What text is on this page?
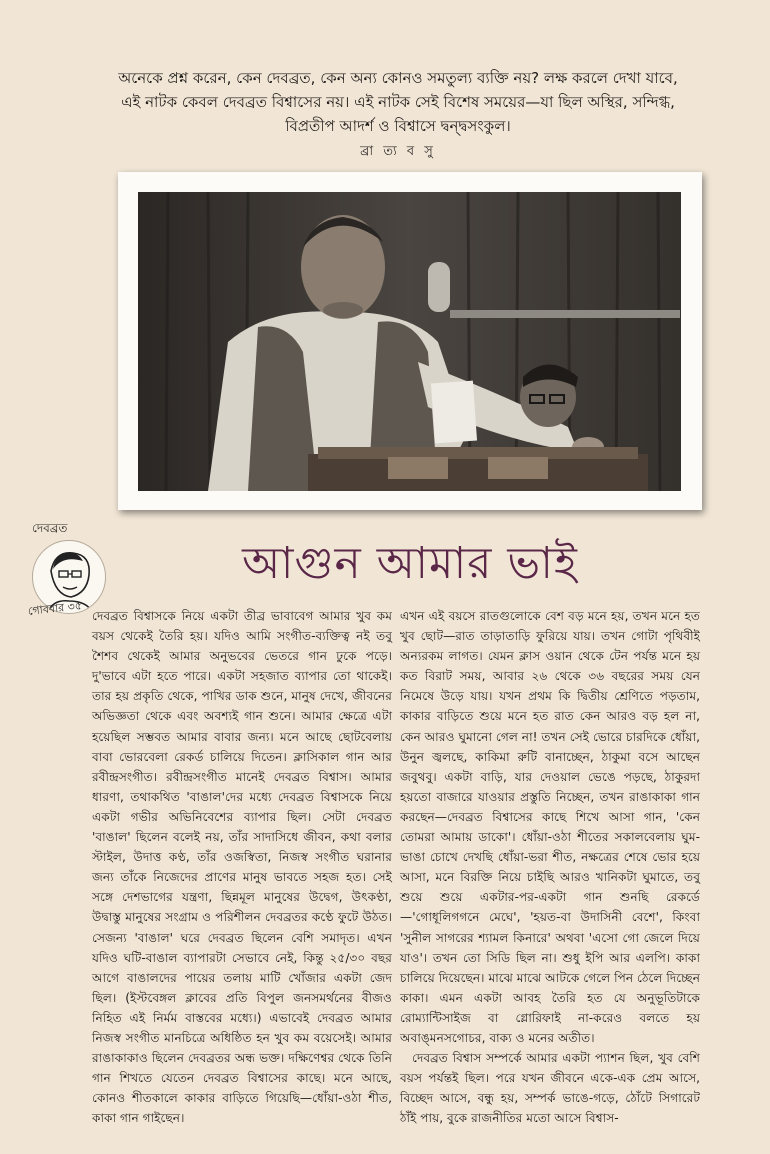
অনেকে প্রশ্ন করেন, কেন দেবব্রত, কেন অন্য কোনও সমতুল্য ব্যক্তি নয়? লক্ষ করলে দেখা যাবে, এই নাটক কেবল দেবব্রত বিশ্বাসের নয়। এই নাটক সেই বিশেষ সময়ের—যা ছিল অস্থির, সন্দিগ্ধ, বিপ্রতীপ আদর্শ ও বিশ্বাসে দ্বন্দ্বসংকুল।
ব্রা ত্য ব সু
দেবব্রত
গোববার ৩৫
আগুন আমার ভাই

দেবব্রত বিশ্বাসকে নিয়ে একটা তীব্র ভাবাবেগ আমার খুব কম বয়স থেকেই তৈরি হয়। যদিও আমি সংগীত-ব্যক্তিত্ব নই তবু শৈশব থেকেই আমার অনুভবের ভেতরে গান ঢুকে পড়ে। দু'ভাবে এটা হতে পারে। একটা সহজাত ব্যাপার তো থাকেই। তার হয় প্রকৃতি থেকে, পাখির ডাক শুনে, মানুষ দেখে, জীবনের অভিজ্ঞতা থেকে এবং অবশ্যই গান শুনে। আমার ক্ষেত্রে এটা হয়েছিল সম্ভবত আমার বাবার জন্য। মনে আছে ছোটবেলায় বাবা ভোরবেলা রেকর্ড চালিয়ে দিতেন। ক্লাসিকাল গান আর রবীন্দ্রসংগীত। রবীন্দ্রসংগীত মানেই দেবব্রত বিশ্বাস। আমার ধারণা, তথাকথিত 'বাঙাল'দের মধ্যে দেবব্রত বিশ্বাসকে নিয়ে একটা গভীর অভিনিবেশের ব্যাপার ছিল। সেটা দেবব্রত 'বাঙাল' ছিলেন বলেই নয়, তাঁর সাদাসিধে জীবন, কথা বলার স্টাইল, উদাত্ত কণ্ঠ, তাঁর ওজস্বিতা, নিজস্ব সংগীত ঘরানার জন্য তাঁকে নিজেদের প্রাণের মানুষ ভাবতে সহজ হত। সেই সঙ্গে দেশভাগের যন্ত্রণা, ছিন্নমূল মানুষের উদ্বেগ, উৎকণ্ঠা, উদ্বাস্তু মানুষের সংগ্রাম ও পরিশীলন দেবব্রতর কণ্ঠে ফুটে উঠত। সেজন্য 'বাঙাল' ঘরে দেবব্রত ছিলেন বেশি সমাদৃত। এখন যদিও ঘটি-বাঙাল ব্যাপারটা সেভাবে নেই, কিন্তু ২৫/৩০ বছর আগে বাঙালদের পায়ের তলায় মাটি খোঁজার একটা জেদ ছিল। (ইস্টবেঙ্গল ক্লাবের প্রতি বিপুল জনসমর্থনের বীজও নিহিত এই নির্মম বাস্তবের মধ্যে।) এভাবেই দেবব্রত আমার নিজস্ব সংগীত মানচিত্রে অধিষ্ঠিত হন খুব কম বয়েসেই। আমার রাঙাকাকাও ছিলেন দেবব্রতর অন্ধ ভক্ত। দক্ষিণেশ্বর থেকে তিনি গান শিখতে যেতেন দেবব্রত বিশ্বাসের কাছে। মনে আছে, কোনও শীতকালে কাকার বাড়িতে গিয়েছি—ধোঁয়া-ওঠা শীত, কাকা গান গাইছেন।

এখন এই বয়সে রাতগুলোকে বেশ বড় মনে হয়, তখন মনে হত খুব ছোট—রাত তাড়াতাড়ি ফুরিয়ে যায়। তখন গোটা পৃথিবীই অন্যরকম লাগত। যেমন ক্লাস ওয়ান থেকে টেন পর্যন্ত মনে হয় কত বিরাট সময়, আবার ২৬ থেকে ৩৬ বছরের সময় যেন নিমেষে উড়ে যায়। যখন প্রথম কি দ্বিতীয় শ্রেণিতে পড়তাম, কাকার বাড়িতে শুয়ে মনে হত রাত কেন আরও বড় হল না, কেন আরও ঘুমানো গেল না! তখন সেই ভোরে চারদিকে ধোঁয়া, উনুন জ্বলছে, কাকিমা রুটি বানাচ্ছেন, ঠাকুমা বসে আছেন জবুথবু। একটা বাড়ি, যার দেওয়াল ভেঙে পড়ছে, ঠাকুরদা হয়তো বাজারে যাওয়ার প্রস্তুতি নিচ্ছেন, তখন রাঙাকাকা গান করছেন—দেবব্রত বিশ্বাসের কাছে শিখে আসা গান, 'কেন তোমরা আমায় ডাকো'। ধোঁয়া-ওঠা শীতের সকালবেলায় ঘুম-ভাঙা চোখে দেখছি ধোঁয়া-ভরা শীত, নক্ষত্রের শেষে ভোর হয়ে আসা, মনে বিরক্তি নিয়ে চাইছি আরও খানিকটা ঘুমাতে, তবু শুয়ে শুয়ে একটার-পর-একটা গান শুনছি রেকর্ডে—'গোধূলিগগনে মেঘে', 'হয়ত-বা উদাসিনী বেশে', কিংবা 'সুনীল সাগরের শ্যামল কিনারে' অথবা 'এসো গো জেলে দিয়ে যাও'। তখন তো সিডি ছিল না। শুধু ইপি আর এলপি। কাকা চালিয়ে দিয়েছেন। মাঝে মাঝে আটকে গেলে পিন ঠেলে দিচ্ছেন কাকা। এমন একটা আবহ তৈরি হত যে অনুভূতিটাকে রোম্যান্টিসাইজ বা গ্লোরিফাই না-করেও বলতে হয় অবাঙ্‌মনসগোচর, বাক্য ও মনের অতীত।

দেবব্রত বিশ্বাস সম্পর্কে আমার একটা প্যাশন ছিল, খুব বেশি বয়স পর্যন্তই ছিল। পরে যখন জীবনে একে-এক প্রেম আসে, বিচ্ছেদ আসে, বন্ধু হয়, সম্পর্ক ভাঙে-গড়ে, ঠোঁটে সিগারেট ঠাঁই পায়, বুকে রাজনীতির মতো আসে বিশ্বাস-
